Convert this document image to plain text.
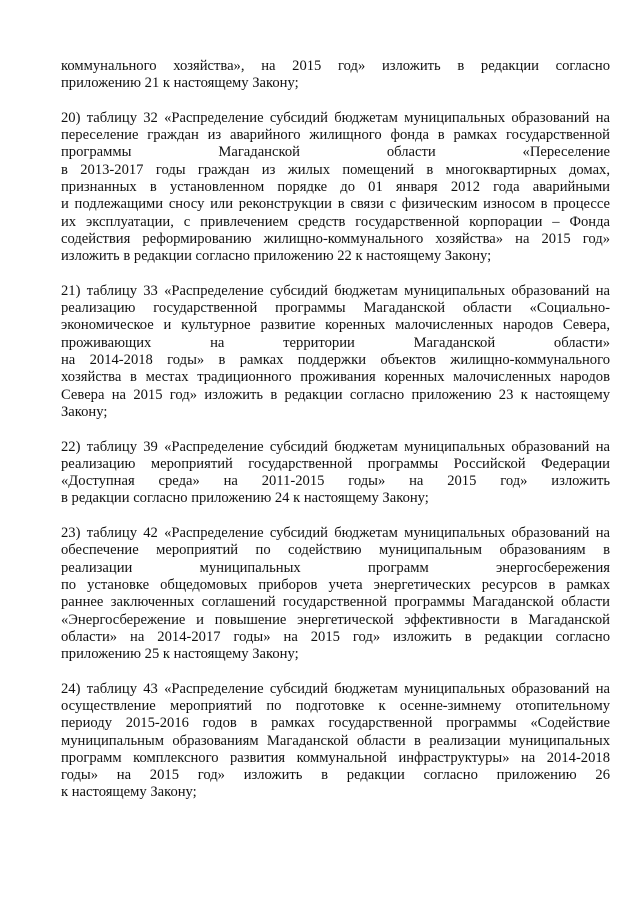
коммунального хозяйства», на 2015 год» изложить в редакции согласно
приложению 21 к настоящему Закону;
20) таблицу 32 «Распределение субсидий бюджетам муниципальных образований на
переселение граждан из аварийного жилищного фонда в рамках государственной
программы Магаданской области «Переселение
в 2013-2017 годы граждан из жилых помещений в многоквартирных домах,
признанных в установленном порядке до 01 января 2012 года аварийными
и подлежащими сносу или реконструкции в связи с физическим износом в процессе
их эксплуатации, с привлечением средств государственной корпорации – Фонда
содействия реформированию жилищно-коммунального хозяйства» на 2015 год»
изложить в редакции согласно приложению 22 к настоящему Закону;
21) таблицу 33 «Распределение субсидий бюджетам муниципальных образований на
реализацию государственной программы Магаданской области «Социально-
экономическое и культурное развитие коренных малочисленных народов Севера,
проживающих на территории Магаданской области»
на 2014-2018 годы» в рамках поддержки объектов жилищно-коммунального
хозяйства в местах традиционного проживания коренных малочисленных народов
Севера на 2015 год» изложить в редакции согласно приложению 23 к настоящему
Закону;
22) таблицу 39 «Распределение субсидий бюджетам муниципальных образований на
реализацию мероприятий государственной программы Российской Федерации
«Доступная среда» на 2011-2015 годы» на 2015 год» изложить
в редакции согласно приложению 24 к настоящему Закону;
23) таблицу 42 «Распределение субсидий бюджетам муниципальных образований на
обеспечение мероприятий по содействию муниципальным образованиям в
реализации муниципальных программ энергосбережения
по установке общедомовых приборов учета энергетических ресурсов в рамках
раннее заключенных соглашений государственной программы Магаданской области
«Энергосбережение и повышение энергетической эффективности в Магаданской
области» на 2014-2017 годы» на 2015 год» изложить в редакции согласно
приложению 25 к настоящему Закону;
24) таблицу 43 «Распределение субсидий бюджетам муниципальных образований на
осуществление мероприятий по подготовке к осенне-зимнему отопительному
периоду 2015-2016 годов в рамках государственной программы «Содействие
муниципальным образованиям Магаданской области в реализации муниципальных
программ комплексного развития коммунальной инфраструктуры» на 2014-2018
годы» на 2015 год» изложить в редакции согласно приложению 26
к настоящему Закону;
